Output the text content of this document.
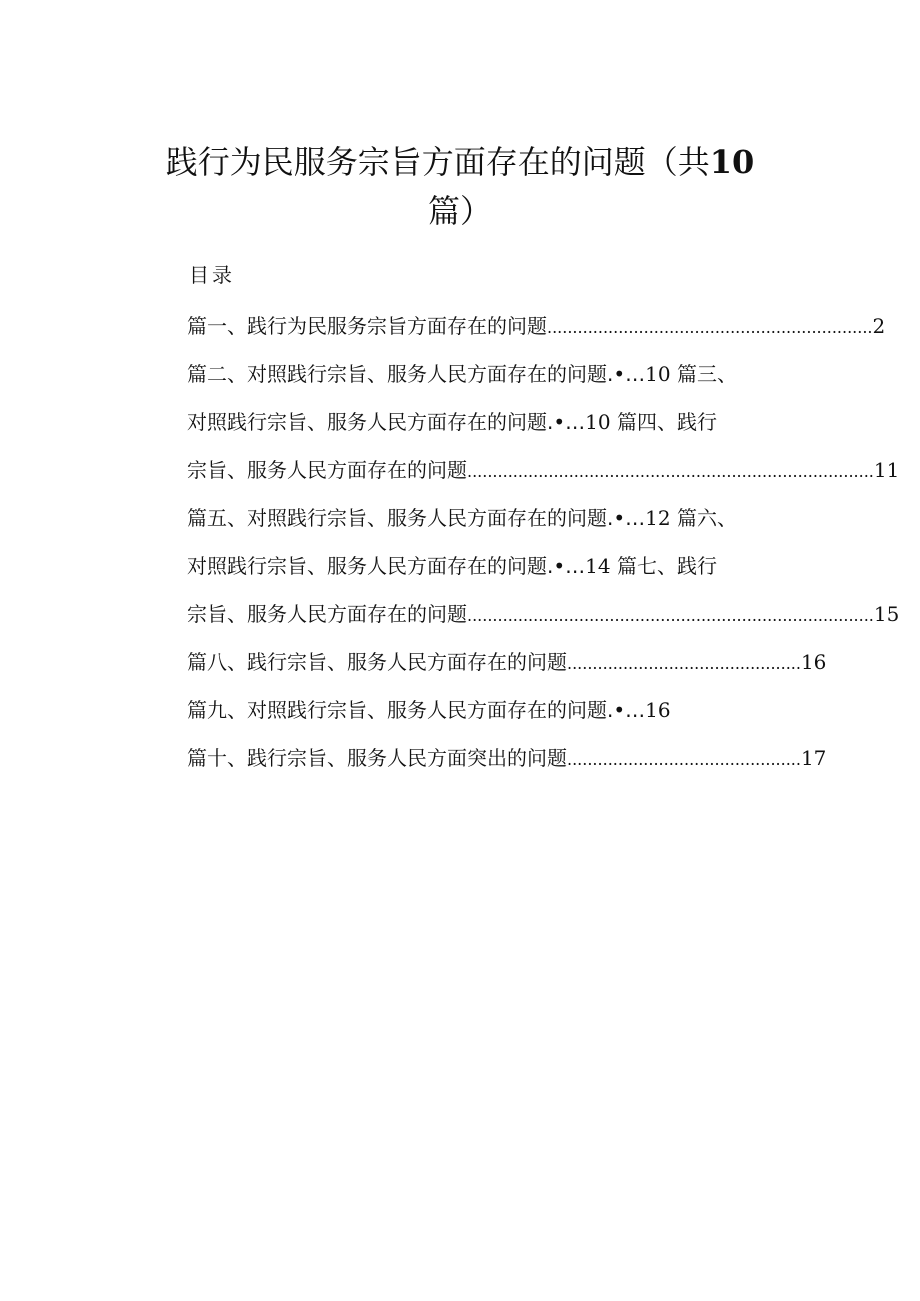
践行为民服务宗旨方面存在的问题（共10
篇）
目录
篇一、践行为民服务宗旨方面存在的问题 ................................................................ 2
篇二、对照践行宗旨、服务人民方面存在的问题.•…10 篇三、
对照践行宗旨、服务人民方面存在的问题.•…10 篇四、践行
宗旨、服务人民方面存在的问题 ................................................................................ 11
篇五、对照践行宗旨、服务人民方面存在的问题.•…12 篇六、
对照践行宗旨、服务人民方面存在的问题.•…14 篇七、践行
宗旨、服务人民方面存在的问题 ................................................................................ 15
篇八、践行宗旨、服务人民方面存在的问题 .............................................. 16
篇九、对照践行宗旨、服务人民方面存在的问题.•…16
篇十、践行宗旨、服务人民方面突出的问题 .............................................. 17
